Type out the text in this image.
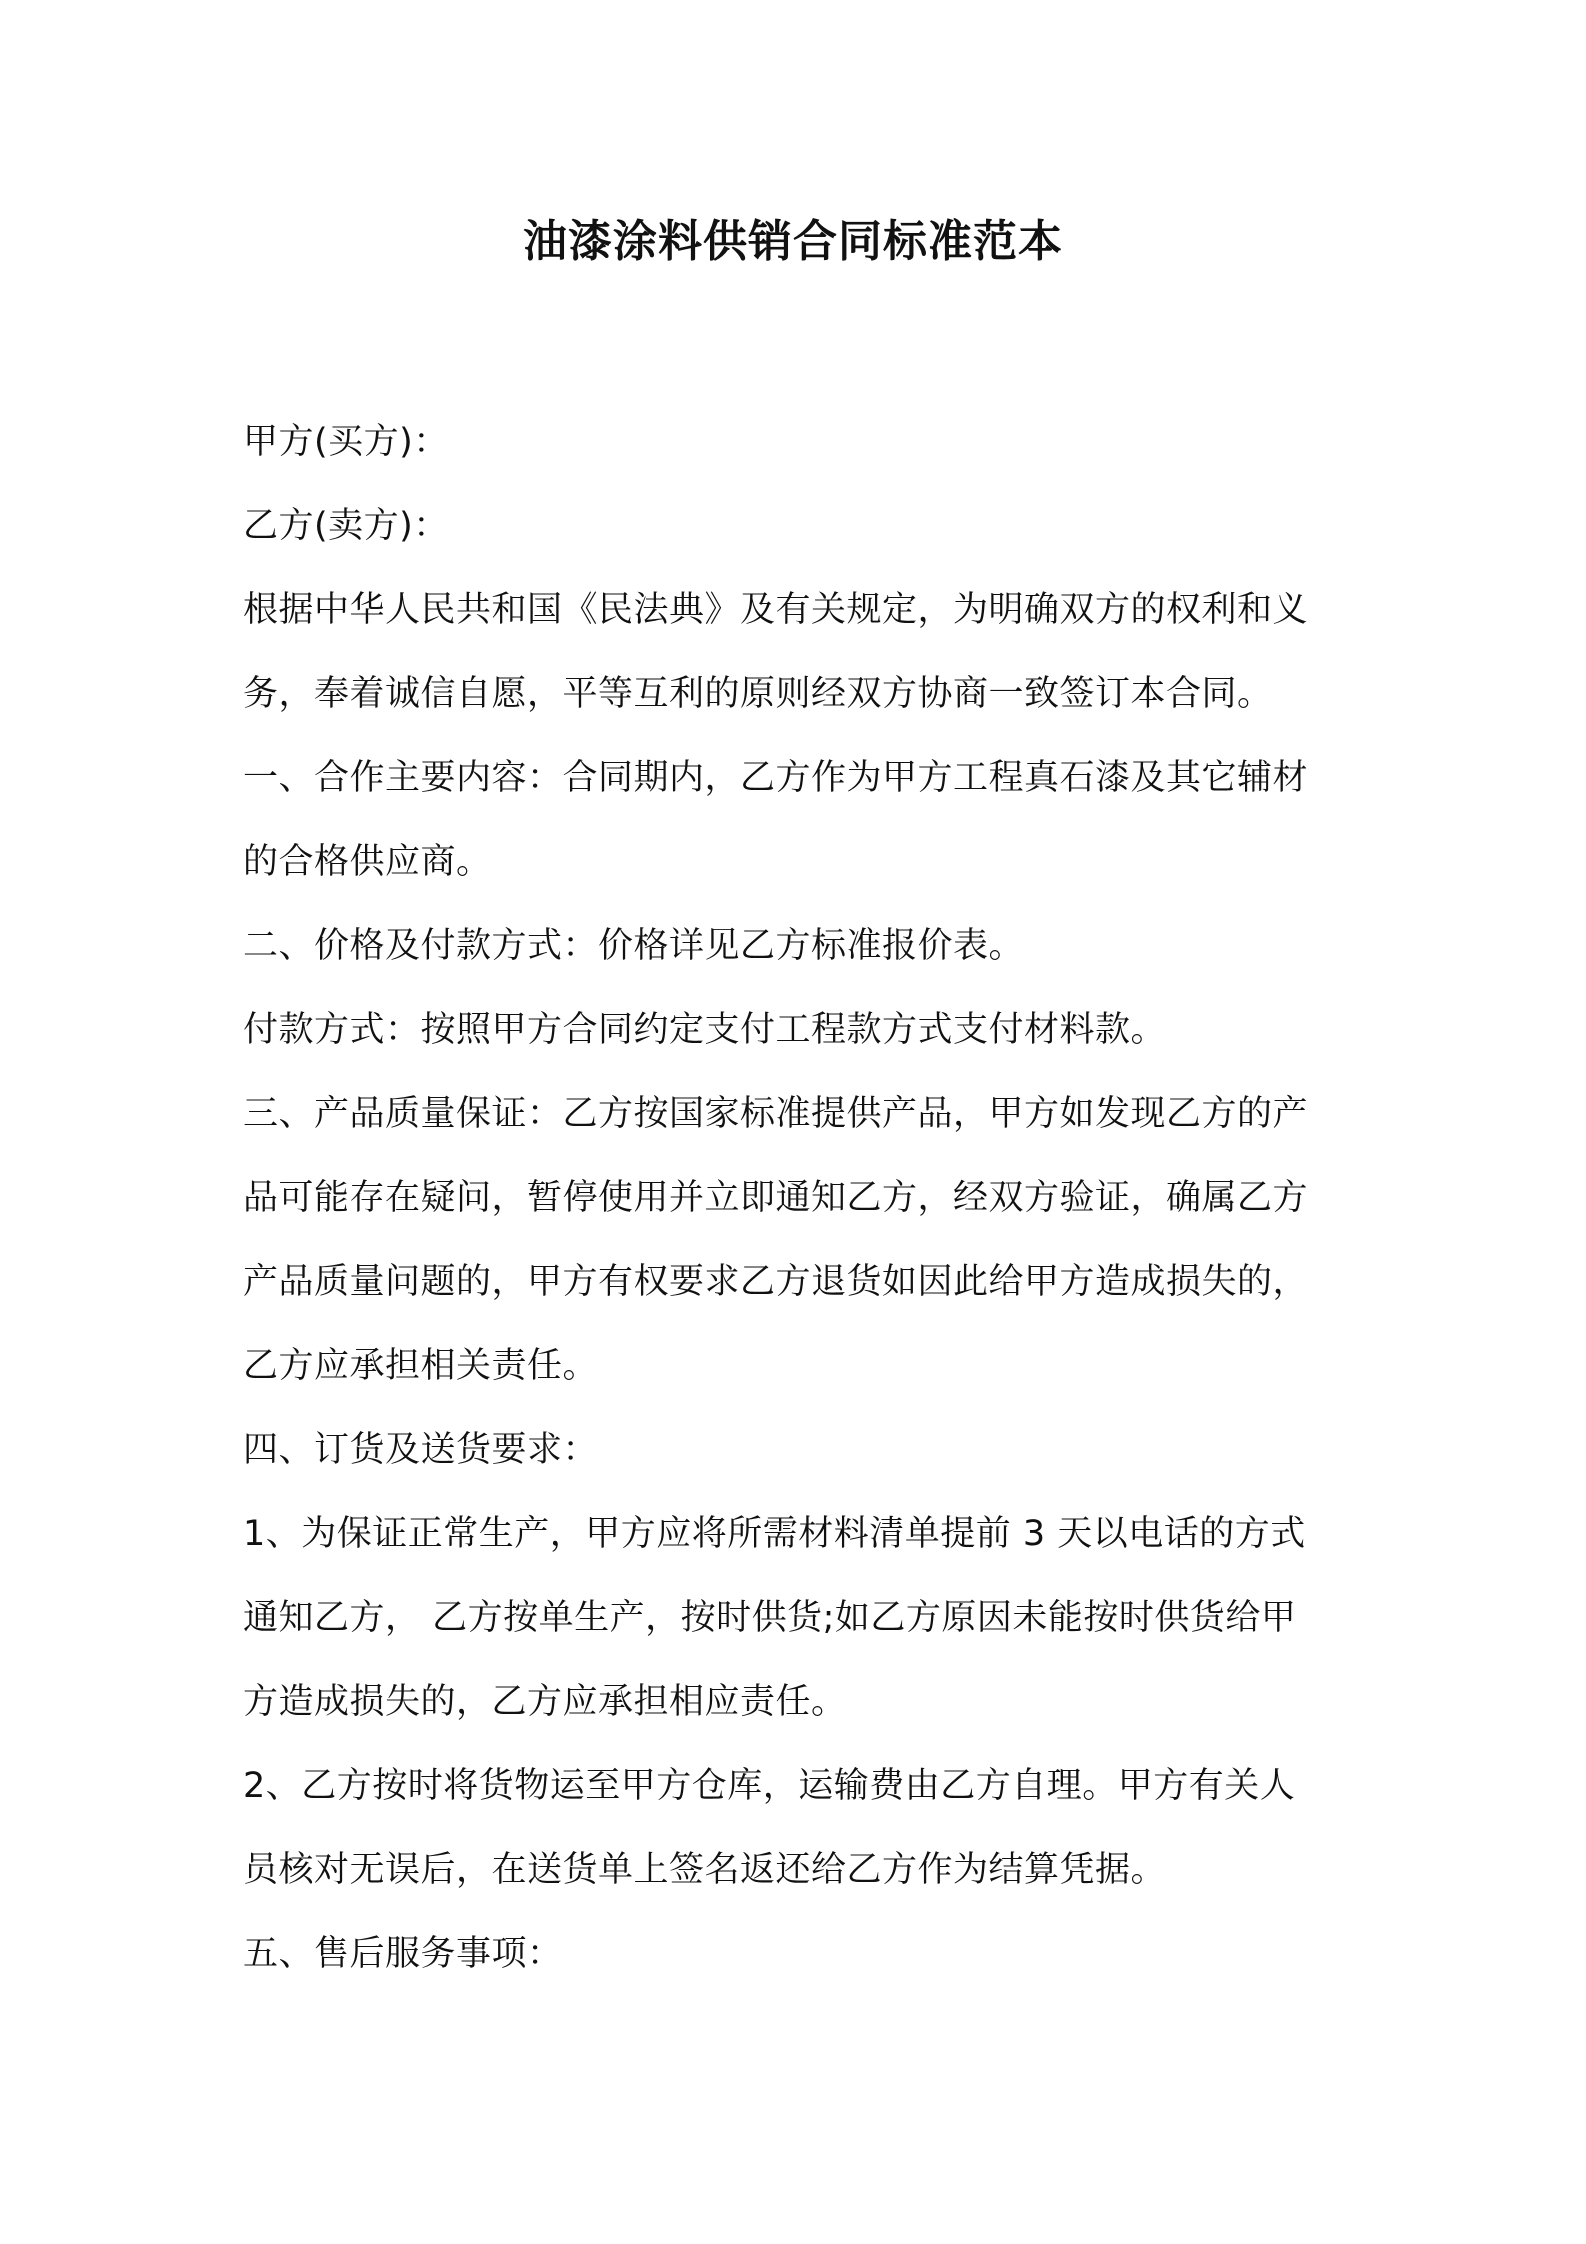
油漆涂料供销合同标准范本
甲方(买方)：
乙方(卖方)：
根据中华人民共和国《民法典》及有关规定，为明确双方的权利和义
务，奉着诚信自愿，平等互利的原则经双方协商一致签订本合同。
一、合作主要内容：合同期内，乙方作为甲方工程真石漆及其它辅材
的合格供应商。
二、价格及付款方式：价格详见乙方标准报价表。
付款方式：按照甲方合同约定支付工程款方式支付材料款。
三、产品质量保证：乙方按国家标准提供产品，甲方如发现乙方的产
品可能存在疑问，暂停使用并立即通知乙方，经双方验证，确属乙方
产品质量问题的，甲方有权要求乙方退货如因此给甲方造成损失的，
乙方应承担相关责任。
四、订货及送货要求：
1、为保证正常生产，甲方应将所需材料清单提前 3 天以电话的方式
通知乙方， 乙方按单生产，按时供货;如乙方原因未能按时供货给甲
方造成损失的，乙方应承担相应责任。
2、乙方按时将货物运至甲方仓库，运输费由乙方自理。甲方有关人
员核对无误后，在送货单上签名返还给乙方作为结算凭据。
五、售后服务事项：
